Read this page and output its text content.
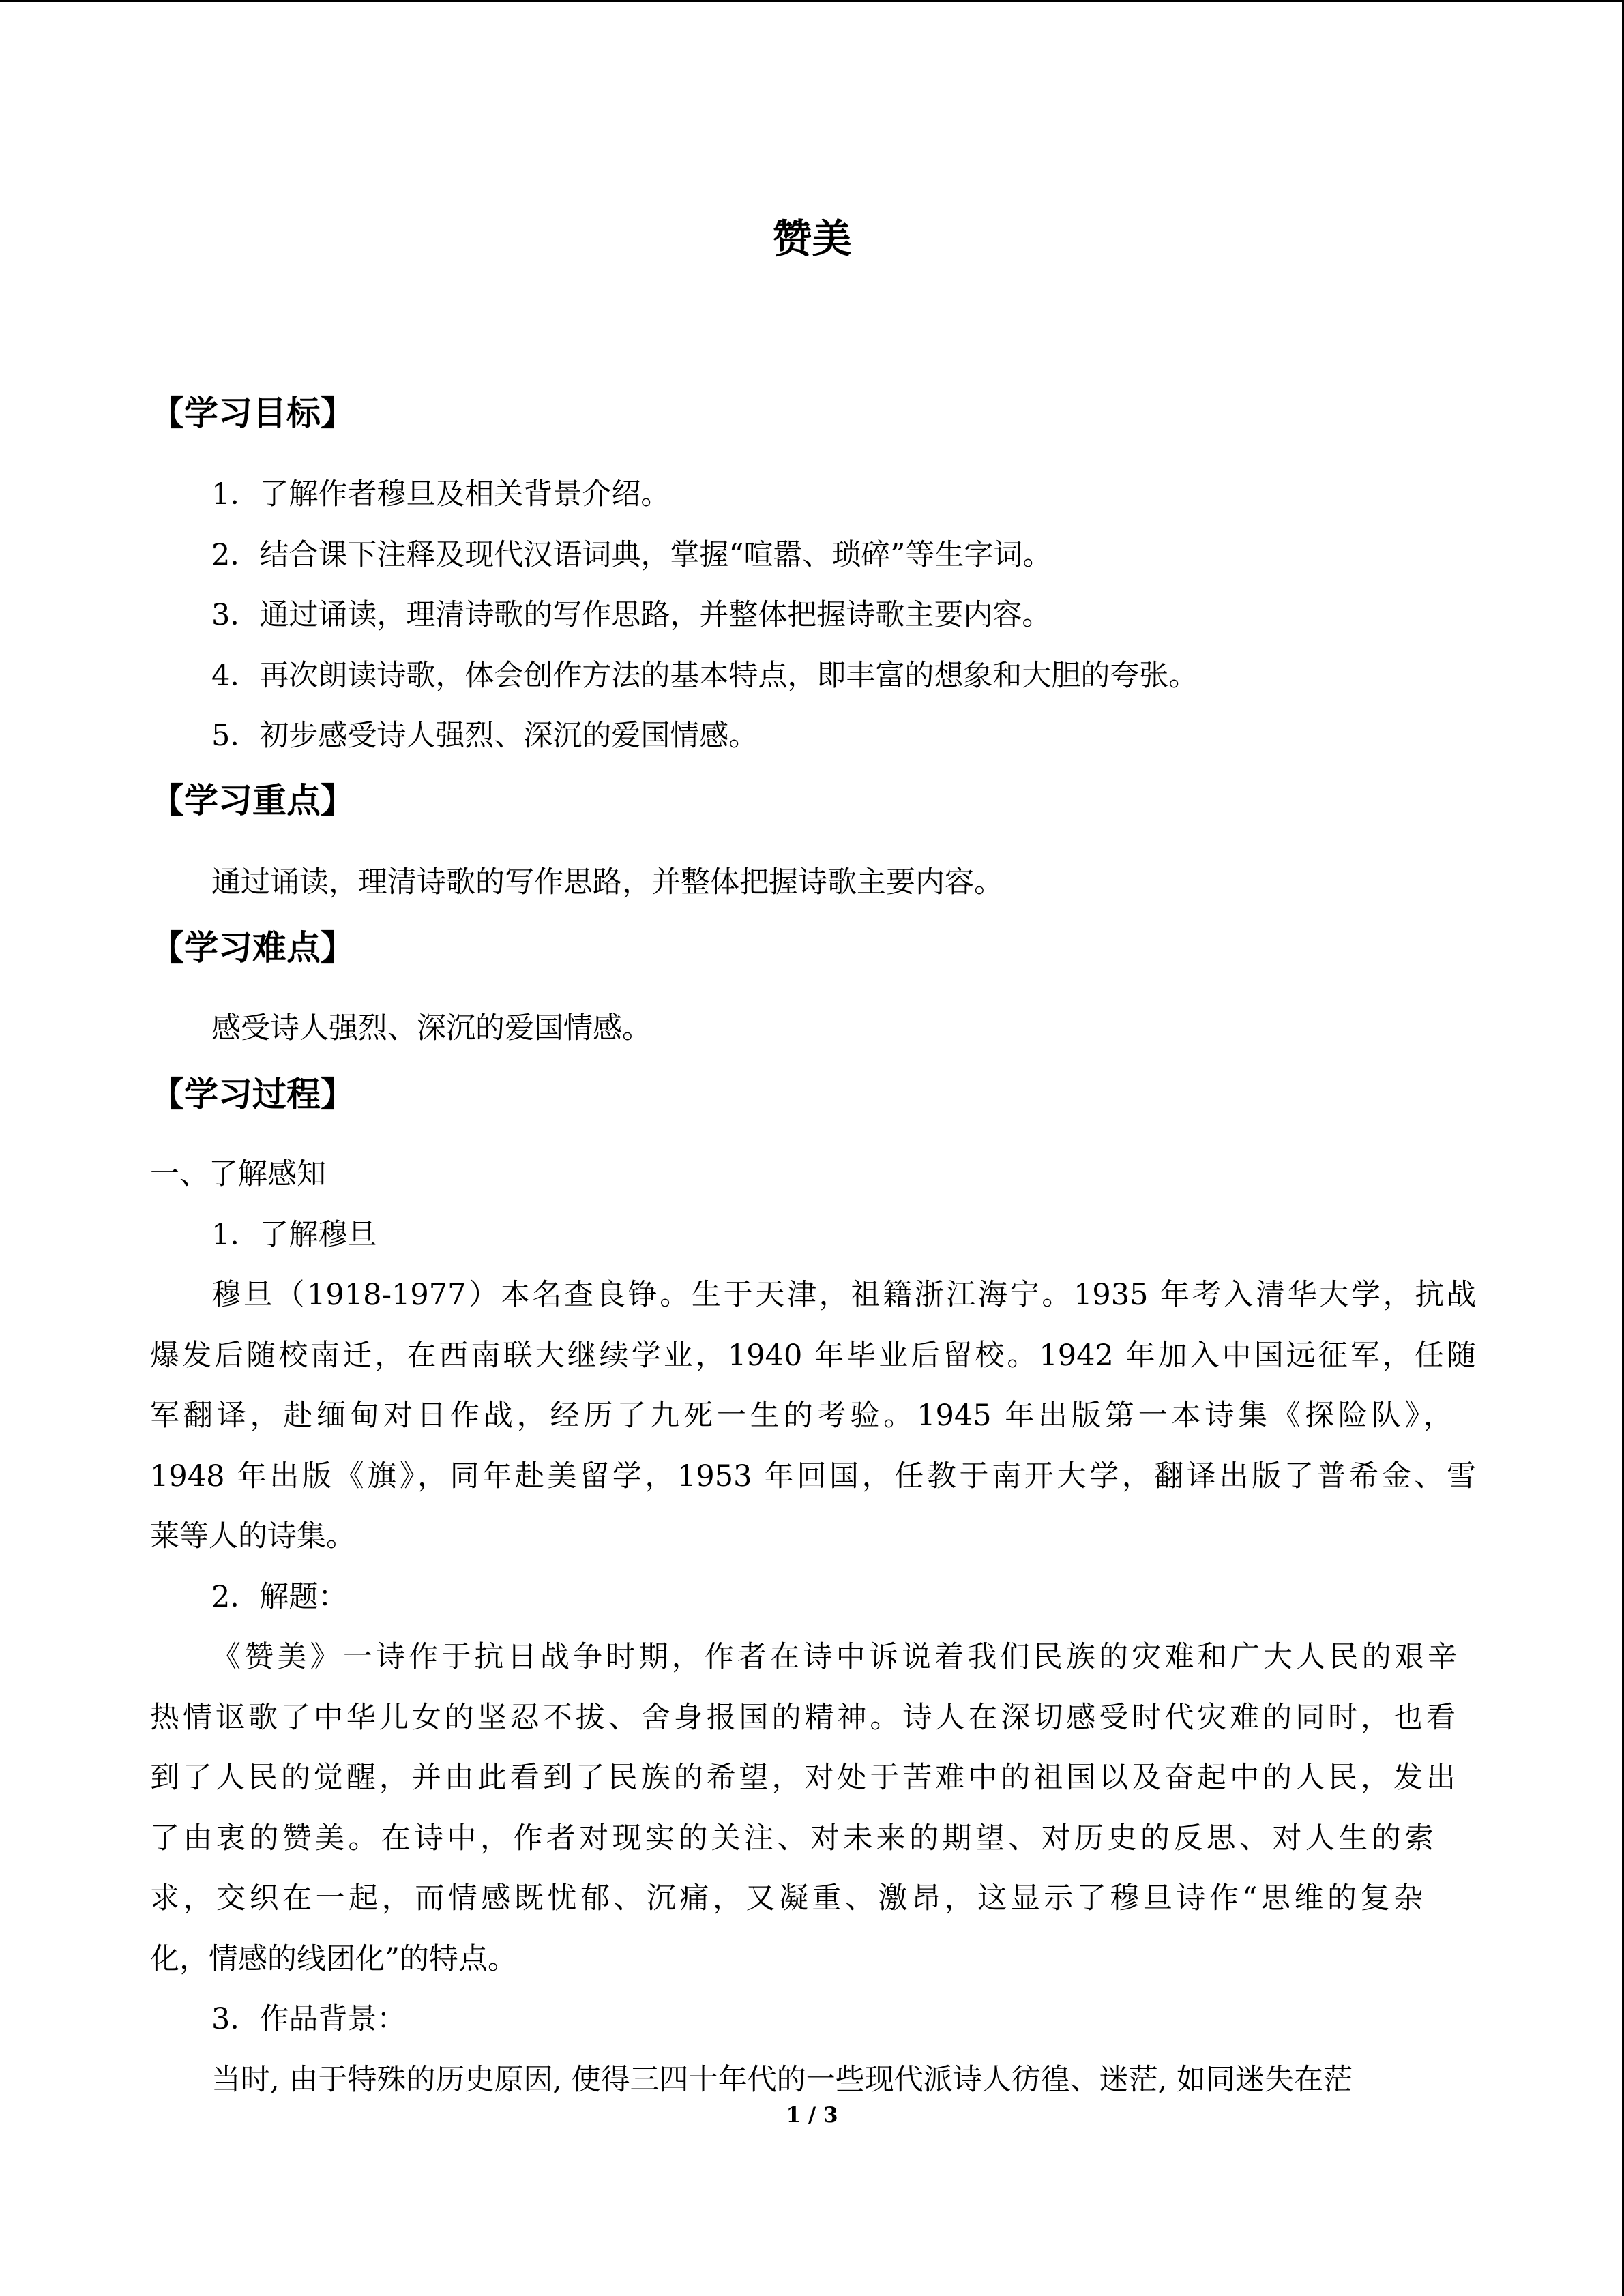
赞美
【学习目标】
1．了解作者穆旦及相关背景介绍。
2．结合课下注释及现代汉语词典，掌握“喧嚣、琐碎”等生字词。
3．通过诵读，理清诗歌的写作思路，并整体把握诗歌主要内容。
4．再次朗读诗歌，体会创作方法的基本特点，即丰富的想象和大胆的夸张。
5．初步感受诗人强烈、深沉的爱国情感。
【学习重点】
通过诵读，理清诗歌的写作思路，并整体把握诗歌主要内容。
【学习难点】
感受诗人强烈、深沉的爱国情感。
【学习过程】
一、了解感知
1．了解穆旦
穆旦（1918-1977）本名查良铮。生于天津，祖籍浙江海宁。1935 年考入清华大学，抗战
爆发后随校南迁，在西南联大继续学业，1940 年毕业后留校。1942 年加入中国远征军，任随
军翻译，赴缅甸对日作战，经历了九死一生的考验。1945 年出版第一本诗集《探险队》，
1948 年出版《旗》，同年赴美留学，1953 年回国，任教于南开大学，翻译出版了普希金、雪
莱等人的诗集。
2．解题：
《赞美》一诗作于抗日战争时期，作者在诗中诉说着我们民族的灾难和广大人民的艰辛
热情讴歌了中华儿女的坚忍不拔、舍身报国的精神。诗人在深切感受时代灾难的同时，也看
到了人民的觉醒，并由此看到了民族的希望，对处于苦难中的祖国以及奋起中的人民，发出
了由衷的赞美。在诗中，作者对现实的关注、对未来的期望、对历史的反思、对人生的索
求，交织在一起，而情感既忧郁、沉痛，又凝重、激昂，这显示了穆旦诗作“思维的复杂
化，情感的线团化”的特点。
3．作品背景：
当时, 由于特殊的历史原因, 使得三四十年代的一些现代派诗人彷徨、迷茫, 如同迷失在茫
1 / 3
